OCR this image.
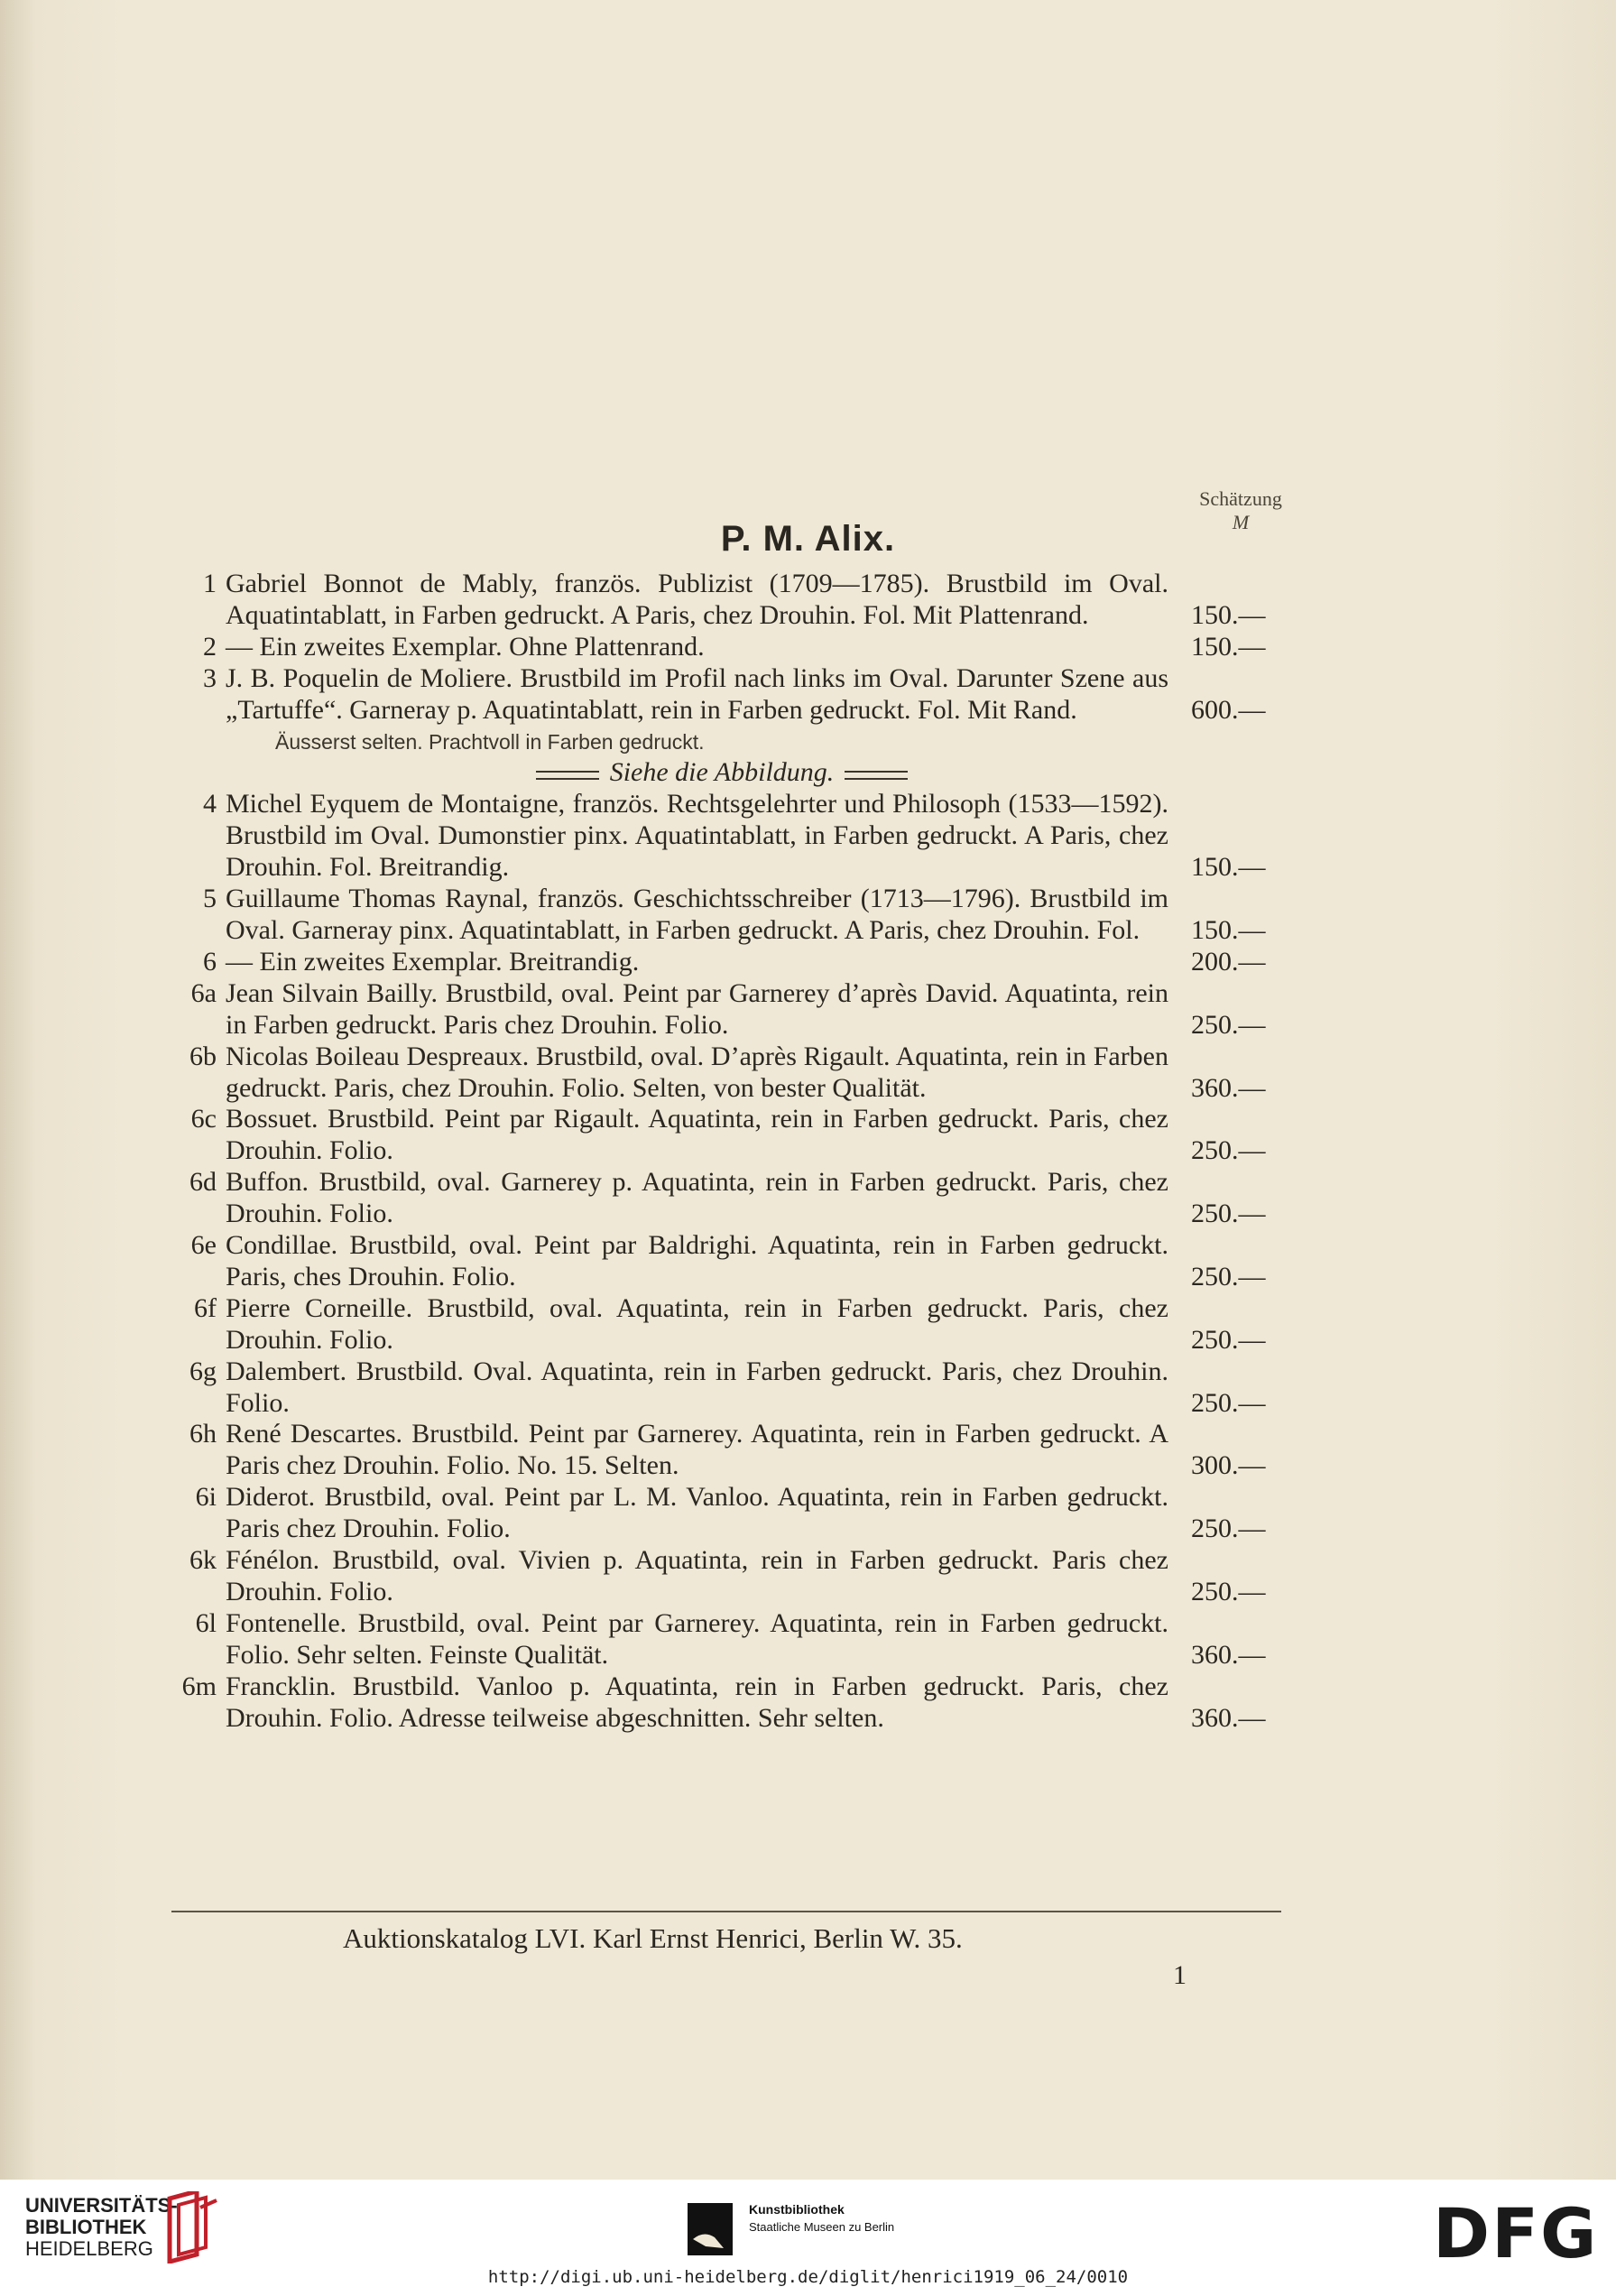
Schätzung
M
P. M. Alix.
1 Gabriel Bonnot de Mably, französ. Publizist (1709—1785). Brustbild im Oval. Aquatintablatt, in Farben gedruckt. A Paris, chez Drouhin. Fol. Mit Plattenrand.	150.—
2 — Ein zweites Exemplar. Ohne Plattenrand.	150.—
3 J. B. Poquelin de Moliere. Brustbild im Profil nach links im Oval. Darunter Szene aus „Tartuffe“. Garneray p. Aquatintablatt, rein in Farben gedruckt. Fol. Mit Rand.	600.—
Äusserst selten. Prachtvoll in Farben gedruckt.
Siehe die Abbildung.
4 Michel Eyquem de Montaigne, französ. Rechtsgelehrter und Philosoph (1533—1592). Brustbild im Oval. Dumonstier pinx. Aquatintablatt, in Farben gedruckt. A Paris, chez Drouhin. Fol. Breitrandig.	150.—
5 Guillaume Thomas Raynal, französ. Geschichtsschreiber (1713—1796). Brustbild im Oval. Garneray pinx. Aquatintablatt, in Farben gedruckt. A Paris, chez Drouhin. Fol.	150.—
6 — Ein zweites Exemplar. Breitrandig.	200.—
6a Jean Silvain Bailly. Brustbild, oval. Peint par Garnerey d’après David. Aquatinta, rein in Farben gedruckt. Paris chez Drouhin. Folio.	250.—
6b Nicolas Boileau Despreaux. Brustbild, oval. D’après Rigault. Aquatinta, rein in Farben gedruckt. Paris, chez Drouhin. Folio. Selten, von bester Qualität.	360.—
6c Bossuet. Brustbild. Peint par Rigault. Aquatinta, rein in Farben gedruckt. Paris, chez Drouhin. Folio.	250.—
6d Buffon. Brustbild, oval. Garnerey p. Aquatinta, rein in Farben gedruckt. Paris, chez Drouhin. Folio.	250.—
6e Condillae. Brustbild, oval. Peint par Baldrighi. Aquatinta, rein in Farben gedruckt. Paris, ches Drouhin. Folio.	250.—
6f Pierre Corneille. Brustbild, oval. Aquatinta, rein in Farben gedruckt. Paris, chez Drouhin. Folio.	250.—
6g Dalembert. Brustbild. Oval. Aquatinta, rein in Farben gedruckt. Paris, chez Drouhin. Folio.	250.—
6h René Descartes. Brustbild. Peint par Garnerey. Aquatinta, rein in Farben gedruckt. A Paris chez Drouhin. Folio. No. 15. Selten.	300.—
6i Diderot. Brustbild, oval. Peint par L. M. Vanloo. Aquatinta, rein in Farben gedruckt. Paris chez Drouhin. Folio.	250.—
6k Fénélon. Brustbild, oval. Vivien p. Aquatinta, rein in Farben gedruckt. Paris chez Drouhin. Folio.	250.—
6l Fontenelle. Brustbild, oval. Peint par Garnerey. Aquatinta, rein in Farben gedruckt. Folio. Sehr selten. Feinste Qualität.	360.—
6m Francklin. Brustbild. Vanloo p. Aquatinta, rein in Farben gedruckt. Paris, chez Drouhin. Folio. Adresse teilweise abgeschnitten. Sehr selten.	360.—
Auktionskatalog LVI. Karl Ernst Henrici, Berlin W. 35.
1
UNIVERSITÄTS-
BIBLIOTHEK
HEIDELBERG
Kunstbibliothek
Staatliche Museen zu Berlin	DFG
http://digi.ub.uni-heidelberg.de/diglit/henrici1919_06_24/0010
